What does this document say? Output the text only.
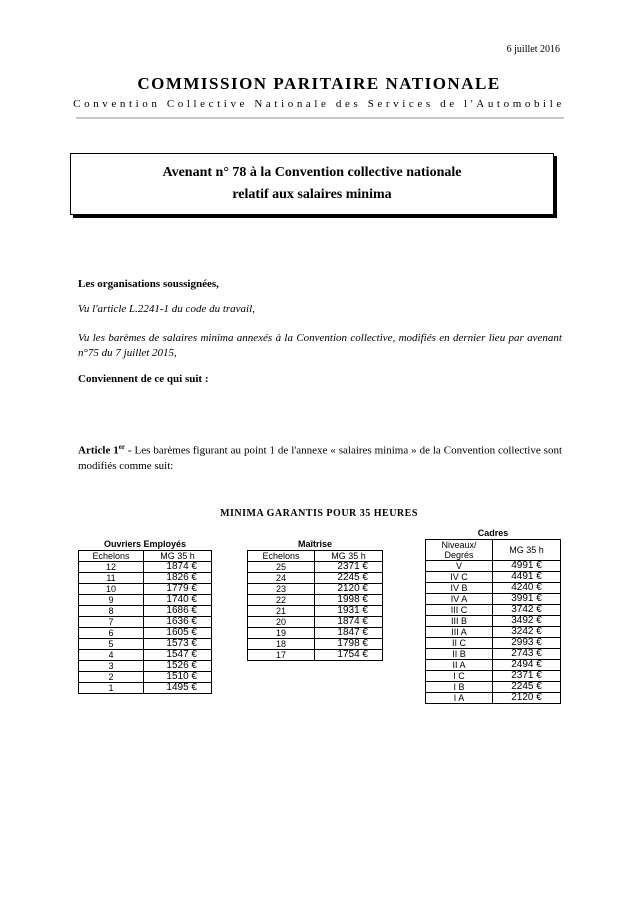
6 juillet 2016
COMMISSION PARITAIRE NATIONALE
Convention Collective Nationale des Services de l'Automobile
Avenant n° 78 à la Convention collective nationale
relatif aux salaires minima
Les organisations soussignées,
Vu l'article L.2241-1 du code du travail,
Vu les barèmes de salaires minima annexés à la Convention collective, modifiés en dernier lieu par avenant n°75 du 7 juillet 2015,
Conviennent de ce qui suit :
Article 1er - Les barèmes figurant au point 1 de l'annexe « salaires minima » de la Convention collective sont modifiés comme suit:
MINIMA GARANTIS POUR 35 HEURES
Ouvriers Employés
Echelons	MG 35 h
12	1874 €
11	1826 €
10	1779 €
9	1740 €
8	1686 €
7	1636 €
6	1605 €
5	1573 €
4	1547 €
3	1526 €
2	1510 €
1	1495 €
Maîtrise
Echelons	MG 35 h
25	2371 €
24	2245 €
23	2120 €
22	1998 €
21	1931 €
20	1874 €
19	1847 €
18	1798 €
17	1754 €
Cadres
Niveaux/ Degrés	MG 35 h
V	4991 €
IV C	4491 €
IV B	4240 €
IV A	3991 €
III C	3742 €
III B	3492 €
III A	3242 €
II C	2993 €
II B	2743 €
II A	2494 €
I C	2371 €
I B	2245 €
I A	2120 €
